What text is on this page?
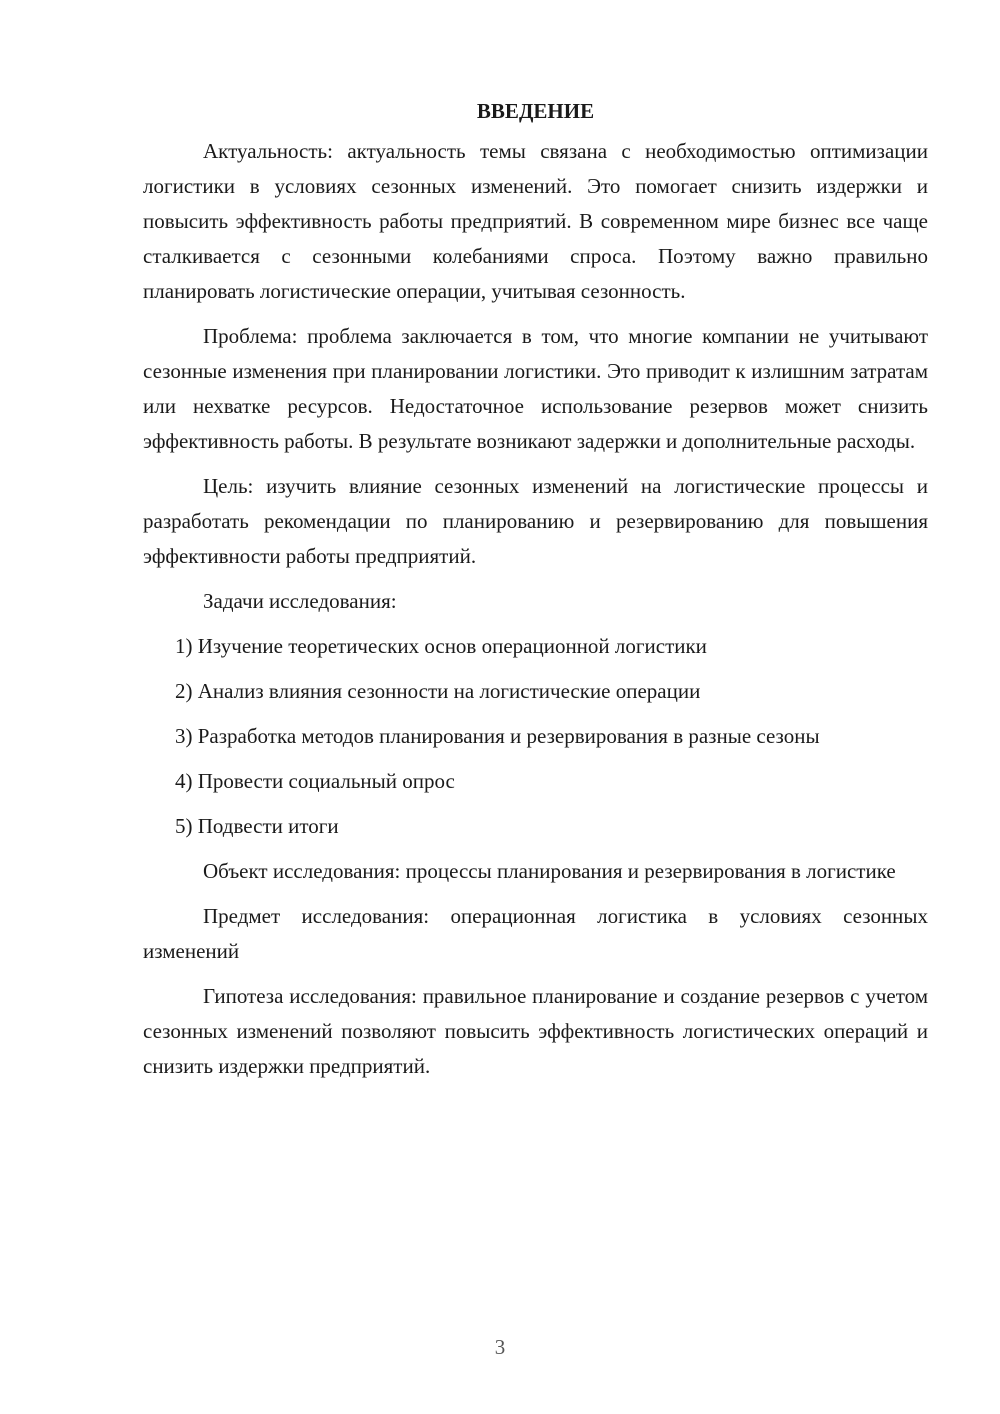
ВВЕДЕНИЕ

Актуальность: актуальность темы связана с необходимостью оптимизации логистики в условиях сезонных изменений. Это помогает снизить издержки и повысить эффективность работы предприятий. В современном мире бизнес все чаще сталкивается с сезонными колебаниями спроса. Поэтому важно правильно планировать логистические операции, учитывая сезонность.

Проблема: проблема заключается в том, что многие компании не учитывают сезонные изменения при планировании логистики. Это приводит к излишним затратам или нехватке ресурсов. Недостаточное использование резервов может снизить эффективность работы. В результате возникают задержки и дополнительные расходы.

Цель: изучить влияние сезонных изменений на логистические процессы и разработать рекомендации по планированию и резервированию для повышения эффективности работы предприятий.

Задачи исследования:

1) Изучение теоретических основ операционной логистики

2) Анализ влияния сезонности на логистические операции

3) Разработка методов планирования и резервирования в разные сезоны

4) Провести социальный опрос

5) Подвести итоги

Объект исследования: процессы планирования и резервирования в логистике

Предмет исследования: операционная логистика в условиях сезонных изменений

Гипотеза исследования: правильное планирование и создание резервов с учетом сезонных изменений позволяют повысить эффективность логистических операций и снизить издержки предприятий.

3
